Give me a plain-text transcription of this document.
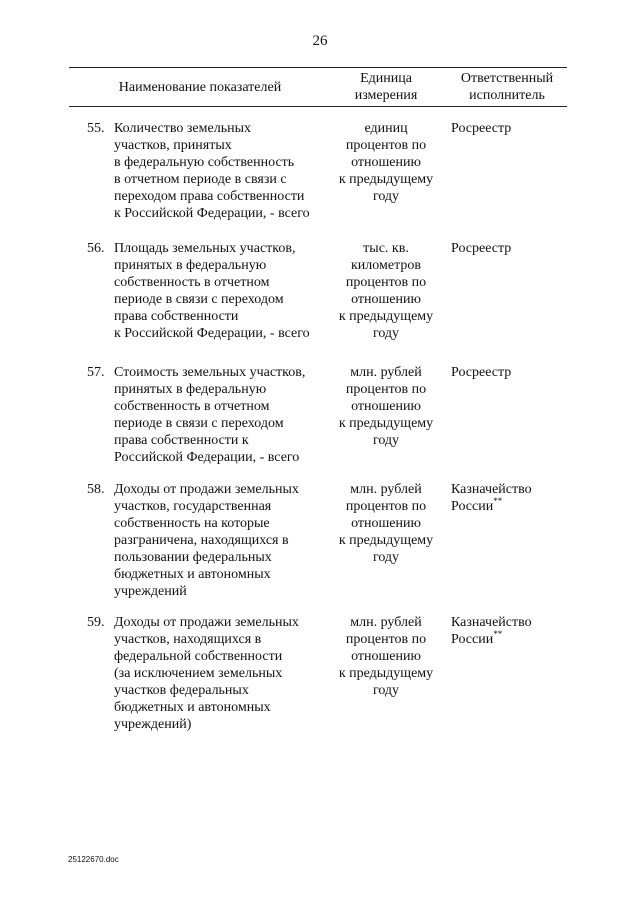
26
Наименование показателей
Единица
измерения
Ответственный
исполнитель
55. Количество земельных
участков, принятых
в федеральную собственность
в отчетном периоде в связи с
переходом права собственности
к Российской Федерации, - всего
единиц
процентов по
отношению
к предыдущему
году
Росреестр
56. Площадь земельных участков,
принятых в федеральную
собственность в отчетном
периоде в связи с переходом
права собственности
к Российской Федерации, - всего
тыс. кв.
километров
процентов по
отношению
к предыдущему
году
Росреестр
57. Стоимость земельных участков,
принятых в федеральную
собственность в отчетном
периоде в связи с переходом
права собственности к
Российской Федерации, - всего
млн. рублей
процентов по
отношению
к предыдущему
году
Росреестр
58. Доходы от продажи земельных
участков, государственная
собственность на которые
разграничена, находящихся в
пользовании федеральных
бюджетных и автономных
учреждений
млн. рублей
процентов по
отношению
к предыдущему
году
Казначейство
России**
59. Доходы от продажи земельных
участков, находящихся в
федеральной собственности
(за исключением земельных
участков федеральных
бюджетных и автономных
учреждений)
млн. рублей
процентов по
отношению
к предыдущему
году
Казначейство
России**
25122670.doc
